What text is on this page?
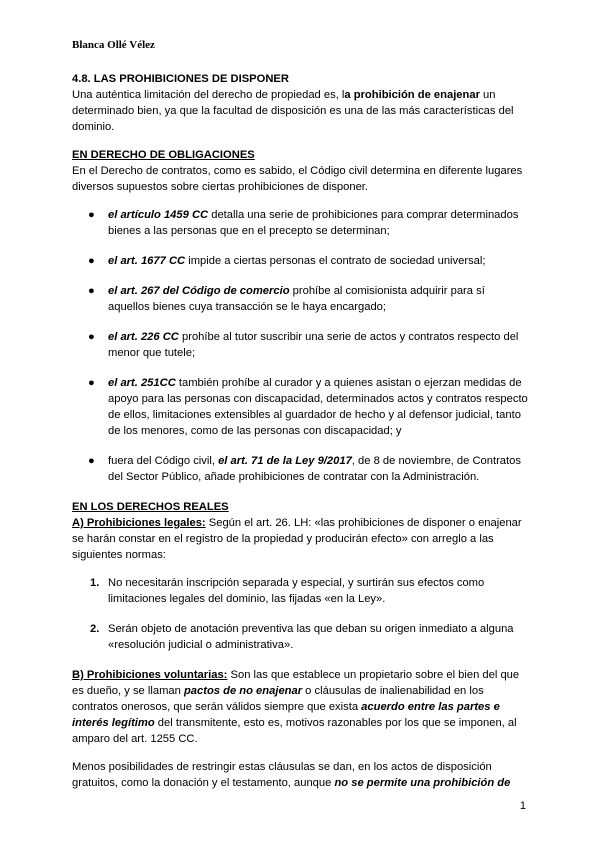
Blanca Ollé Vélez

4.8. LAS PROHIBICIONES DE DISPONER

Una auténtica limitación del derecho de propiedad es, la prohibición de enajenar un determinado bien, ya que la facultad de disposición es una de las más características del dominio.

EN DERECHO DE OBLIGACIONES

En el Derecho de contratos, como es sabido, el Código civil determina en diferente lugares diversos supuestos sobre ciertas prohibiciones de disponer.

● el artículo 1459 CC detalla una serie de prohibiciones para comprar determinados bienes a las personas que en el precepto se determinan;
● el art. 1677 CC impide a ciertas personas el contrato de sociedad universal;
● el art. 267 del Código de comercio prohíbe al comisionista adquirir para sí aquellos bienes cuya transacción se le haya encargado;
● el art. 226 CC prohíbe al tutor suscribir una serie de actos y contratos respecto del menor que tutele;
● el art. 251CC también prohíbe al curador y a quienes asistan o ejerzan medidas de apoyo para las personas con discapacidad, determinados actos y contratos respecto de ellos, limitaciones extensibles al guardador de hecho y al defensor judicial, tanto de los menores, como de las personas con discapacidad; y
● fuera del Código civil, el art. 71 de la Ley 9/2017, de 8 de noviembre, de Contratos del Sector Público, añade prohibiciones de contratar con la Administración.

EN LOS DERECHOS REALES

A) Prohibiciones legales: Según el art. 26. LH: «las prohibiciones de disponer o enajenar se harán constar en el registro de la propiedad y producirán efecto» con arreglo a las siguientes normas:

1. No necesitarán inscripción separada y especial, y surtirán sus efectos como limitaciones legales del dominio, las fijadas «en la Ley».
2. Serán objeto de anotación preventiva las que deban su origen inmediato a alguna «resolución judicial o administrativa».

B) Prohibiciones voluntarias: Son las que establece un propietario sobre el bien del que es dueño, y se llaman pactos de no enajenar o cláusulas de inalienabilidad en los contratos onerosos, que serán válidos siempre que exista acuerdo entre las partes e interés legítimo del transmitente, esto es, motivos razonables por los que se imponen, al amparo del art. 1255 CC.

Menos posibilidades de restringir estas cláusulas se dan, en los actos de disposición gratuitos, como la donación y el testamento, aunque no se permite una prohibición de

1
